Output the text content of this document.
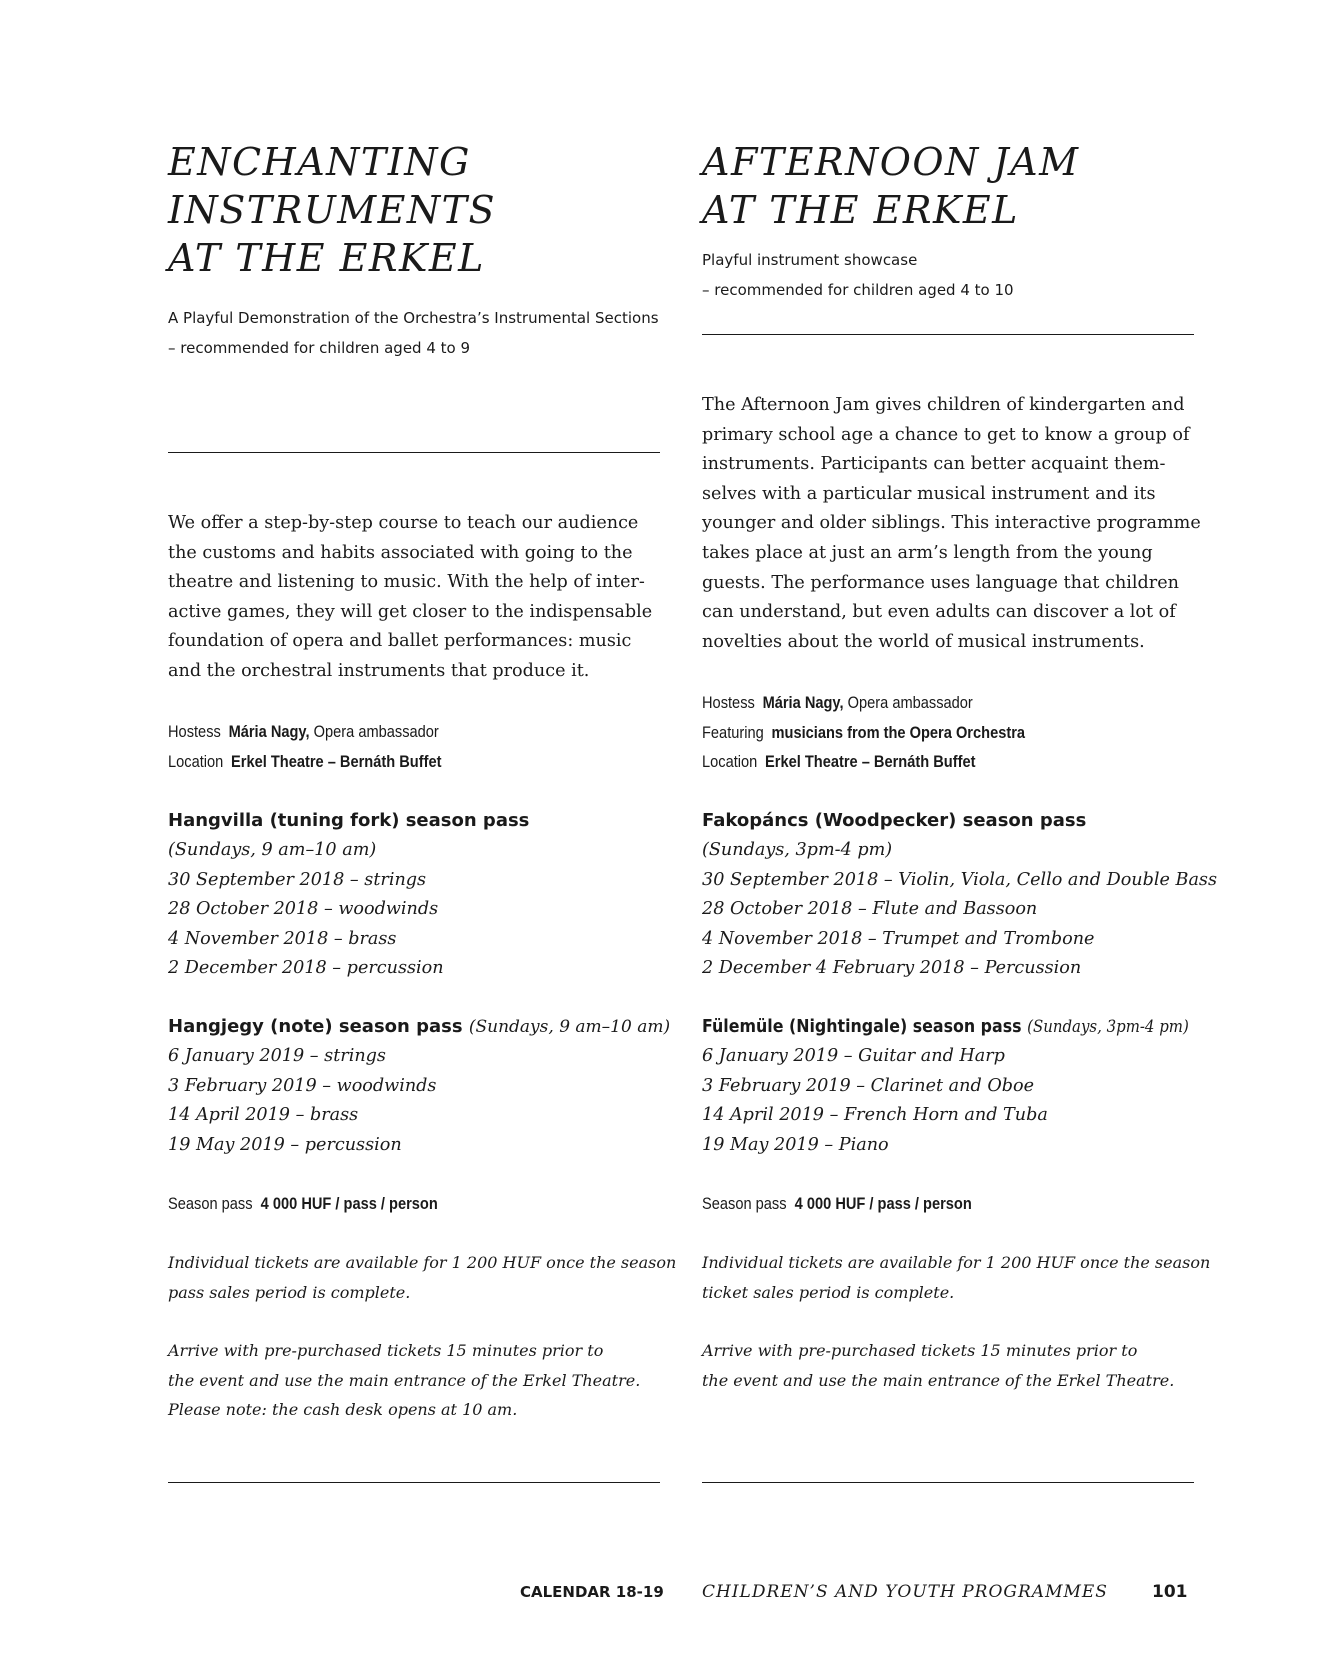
ENCHANTING
INSTRUMENTS
AT THE ERKEL
A Playful Demonstration of the Orchestra’s Instrumental Sections
– recommended for children aged 4 to 9

We offer a step-by-step course to teach our audience

the customs and habits associated with going to the

theatre and listening to music. With the help of inter-

active games, they will get closer to the indispensable

foundation of opera and ballet performances: music

and the orchestral instruments that produce it.

Hostess Mária Nagy, Opera ambassador
Location Erkel Theatre – Bernáth Buffet
Hangvilla (tuning fork) season pass
(Sundays, 9 am–10 am)
30 September 2018 – strings
28 October 2018 – woodwinds
4 November 2018 – brass
2 December 2018 – percussion
Hangjegy (note) season pass (Sundays, 9 am–10 am)
6 January 2019 – strings
3 February 2019 – woodwinds
14 April 2019 – brass
19 May 2019 – percussion
Season pass 4 000 HUF / pass / person

Individual tickets are available for 1 200 HUF once the season

pass sales period is complete.

Arrive with pre-purchased tickets 15 minutes prior to

the event and use the main entrance of the Erkel Theatre.

Please note: the cash desk opens at 10 am.

AFTERNOON JAM
AT THE ERKEL
Playful instrument showcase
– recommended for children aged 4 to 10

The Afternoon Jam gives children of kindergarten and

primary school age a chance to get to know a group of

instruments. Participants can better acquaint them-

selves with a particular musical instrument and its

younger and older siblings. This interactive programme

takes place at just an arm’s length from the young

guests. The performance uses language that children

can understand, but even adults can discover a lot of

novelties about the world of musical instruments.

Hostess Mária Nagy, Opera ambassador
Featuring musicians from the Opera Orchestra
Location Erkel Theatre – Bernáth Buffet
Fakopáncs (Woodpecker) season pass
(Sundays, 3pm-4 pm)
30 September 2018 – Violin, Viola, Cello and Double Bass
28 October 2018 – Flute and Bassoon
4 November 2018 – Trumpet and Trombone
2 December 4 February 2018 – Percussion
Fülemüle (Nightingale) season pass (Sundays, 3pm-4 pm)
6 January 2019 – Guitar and Harp
3 February 2019 – Clarinet and Oboe
14 April 2019 – French Horn and Tuba
19 May 2019 – Piano
Season pass 4 000 HUF / pass / person

Individual tickets are available for 1 200 HUF once the season

ticket sales period is complete.

Arrive with pre-purchased tickets 15 minutes prior to

the event and use the main entrance of the Erkel Theatre.

CALENDAR 18-19 CHILDREN’S AND YOUTH PROGRAMMES	101
